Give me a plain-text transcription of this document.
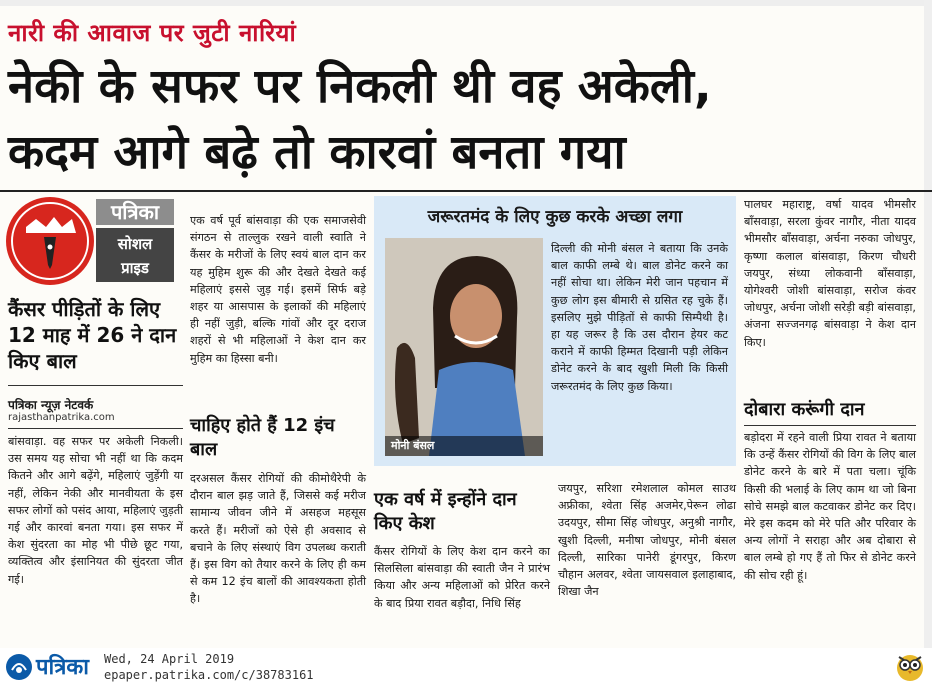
नारी की आवाज पर जुटी नारियां
नेकी के सफर पर निकली थी वह अकेली,
कदम आगे बढ़े तो कारवां बनता गया
पत्रिका
सोशल
प्राइड
कैंसर पीड़ितों के लिए 12 माह में 26 ने दान किए बाल
पत्रिका न्यूज़ नेटवर्क
rajasthanpatrika.com
बांसवाड़ा. वह सफर पर अकेली निकली। उस समय यह सोचा भी नहीं था कि कदम कितने और आगे बढ़ेंगे, महिलाएं जुड़ेंगी या नहीं, लेकिन नेकी और मानवीयता के इस सफर लोगों को पसंद आया, महिलाएं जुड़ती गई और कारवां बनता गया। इस सफर में केश सुंदरता का मोह भी पीछे छूट गया, व्यक्तित्व और इंसानियत की सुंदरता जीत गई।
एक वर्ष पूर्व बांसवाड़ा की एक समाजसेवी संगठन से ताल्लुक रखने वाली स्वाति ने कैंसर के मरीजों के लिए स्वयं बाल दान कर यह मुहिम शुरू की और देखते देखते कई महिलाएं इससे जुड़ गई। इसमें सिर्फ बड़े शहर या आसपास के इलाकों की महिलाएं ही नहीं जुड़ी, बल्कि गांवों और दूर दराज शहरों से भी महिलाओं ने केश दान कर मुहिम का हिस्सा बनी।
चाहिए होते हैं 12 इंच बाल
दरअसल कैंसर रोगियों की कीमोथैरेपी के दौरान बाल झड़ जाते हैं, जिससे कई मरीज सामान्य जीवन जीने में असहज महसूस करते हैं। मरीजों को ऐसे ही अवसाद से बचाने के लिए संस्थाएं विग उपलब्ध कराती हैं। इस विग को तैयार करने के लिए ही कम से कम 12 इंच बालों की आवश्यकता होती है।
जरूरतमंद के लिए कुछ करके अच्छा लगा
मोनी बंसल
दिल्ली की मोनी बंसल ने बताया कि उनके बाल काफी लम्बे थे। बाल डोनेट करने का नहीं सोचा था। लेकिन मेरी जान पहचान में कुछ लोग इस बीमारी से ग्रसित रह चुके हैं। इसलिए मुझे पीड़ितों से काफी सिम्पैथी है। हा यह जरूर है कि उस दौरान हेयर कट कराने में काफी हिम्मत दिखानी पड़ी लेकिन डोनेट करने के बाद खुशी मिली कि किसी जरूरतमंद के लिए कुछ किया।
एक वर्ष में इन्होंने दान किए केश
कैंसर रोगियों के लिए केश दान करने का सिलसिला बांसवाड़ा की स्वाती जैन ने प्रारंभ किया और अन्य महिलाओं को प्रेरित करने के बाद प्रिया रावत बड़ौदा, निधि सिंह
जयपुर, सरिशा रमेशलाल कोमल साउथ अफ्रीका, श्वेता सिंह अजमेर,पेरून लोढा उदयपुर, सीमा सिंह जोधपुर, अनुश्री नागौर, खुशी दिल्ली, मनीषा जोधपुर, मोनी बंसल दिल्ली, सारिका पानेरी डूंगरपुर, किरण चौहान अलवर, श्वेता जायसवाल इलाहाबाद, शिखा जैन
पालघर महाराष्ट्र, वर्षा यादव भीमसौर बाँसवाड़ा, सरला कुंवर नागौर, नीता यादव भीमसौर बाँसवाड़ा, अर्चना नरुका जोधपुर, कृष्णा कलाल बांसवाड़ा, किरण चौधरी जयपुर, संध्या लोकवानी बाँसवाड़ा, योगेश्वरी जोशी बांसवाड़ा, सरोज कंवर जोधपुर, अर्चना जोशी सरेड़ी बड़ी बांसवाड़ा, अंजना सज्जनगढ़ बांसवाड़ा ने केश दान किए।
दोबारा करूंगी दान
बड़ोदरा में रहने वाली प्रिया रावत ने बताया कि उन्हें कैंसर रोगियों की विग के लिए बाल डोनेट करने के बारे में पता चला। चूंकि किसी की भलाई के लिए काम था जो बिना सोचे समझे बाल कटवाकर डोनेट कर दिए। मेरे इस कदम को मेरे पति और परिवार के अन्य लोगों ने सराहा और अब दोबारा से बाल लम्बे हो गए हैं तो फिर से डोनेट करने की सोच रही हूं।
पत्रिका Wed, 24 April 2019
epaper.patrika.com/c/38783161
